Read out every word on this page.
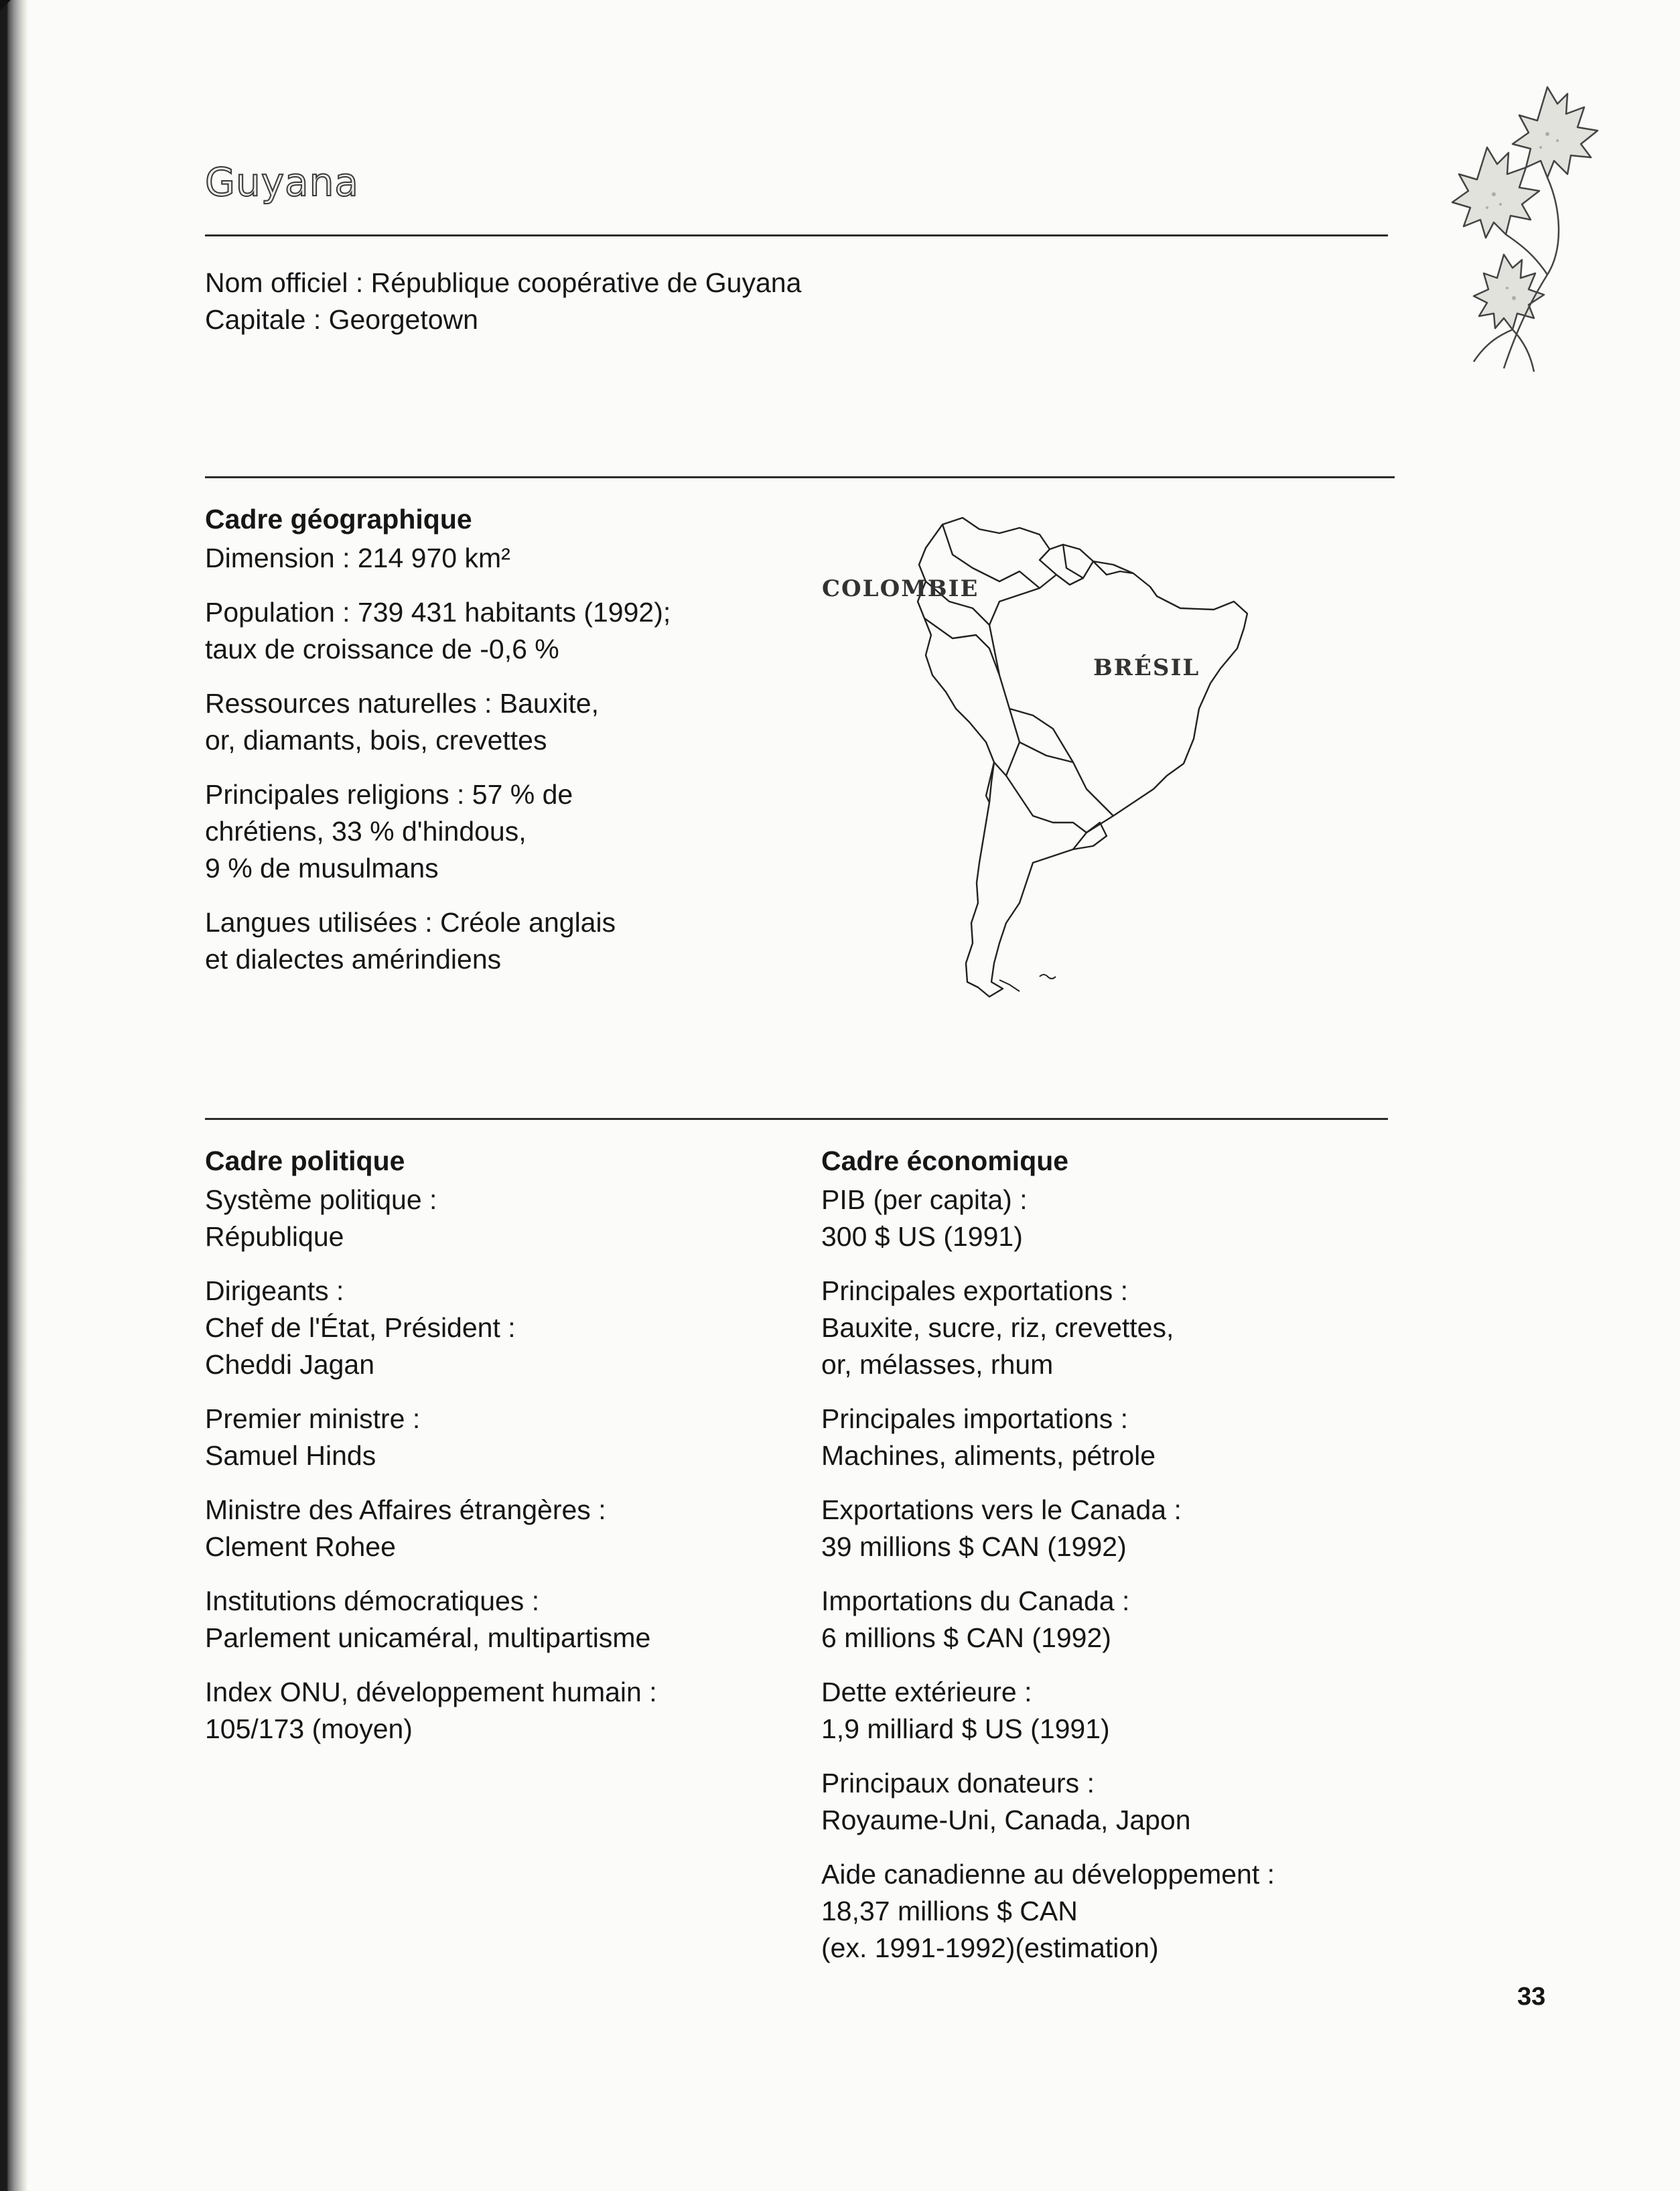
Guyana
Nom officiel : République coopérative de Guyana
Capitale : Georgetown
Cadre géographique
Dimension : 214 970 km²
Population : 739 431 habitants (1992);
taux de croissance de -0,6 %
Ressources naturelles : Bauxite,
or, diamants, bois, crevettes
Principales religions : 57 % de
chrétiens, 33 % d'hindous,
9 % de musulmans
Langues utilisées : Créole anglais
et dialectes amérindiens
COLOMBIE
BRÉSIL
Cadre politique
Système politique :
République
Dirigeants :
Chef de l'État, Président :
Cheddi Jagan
Premier ministre :
Samuel Hinds
Ministre des Affaires étrangères :
Clement Rohee
Institutions démocratiques :
Parlement unicaméral, multipartisme
Index ONU, développement humain :
105/173 (moyen)
Cadre économique
PIB (per capita) :
300 $ US (1991)
Principales exportations :
Bauxite, sucre, riz, crevettes,
or, mélasses, rhum
Principales importations :
Machines, aliments, pétrole
Exportations vers le Canada :
39 millions $ CAN (1992)
Importations du Canada :
6 millions $ CAN (1992)
Dette extérieure :
1,9 milliard $ US (1991)
Principaux donateurs :
Royaume-Uni, Canada, Japon
Aide canadienne au développement :
18,37 millions $ CAN
(ex. 1991-1992)(estimation)
33
